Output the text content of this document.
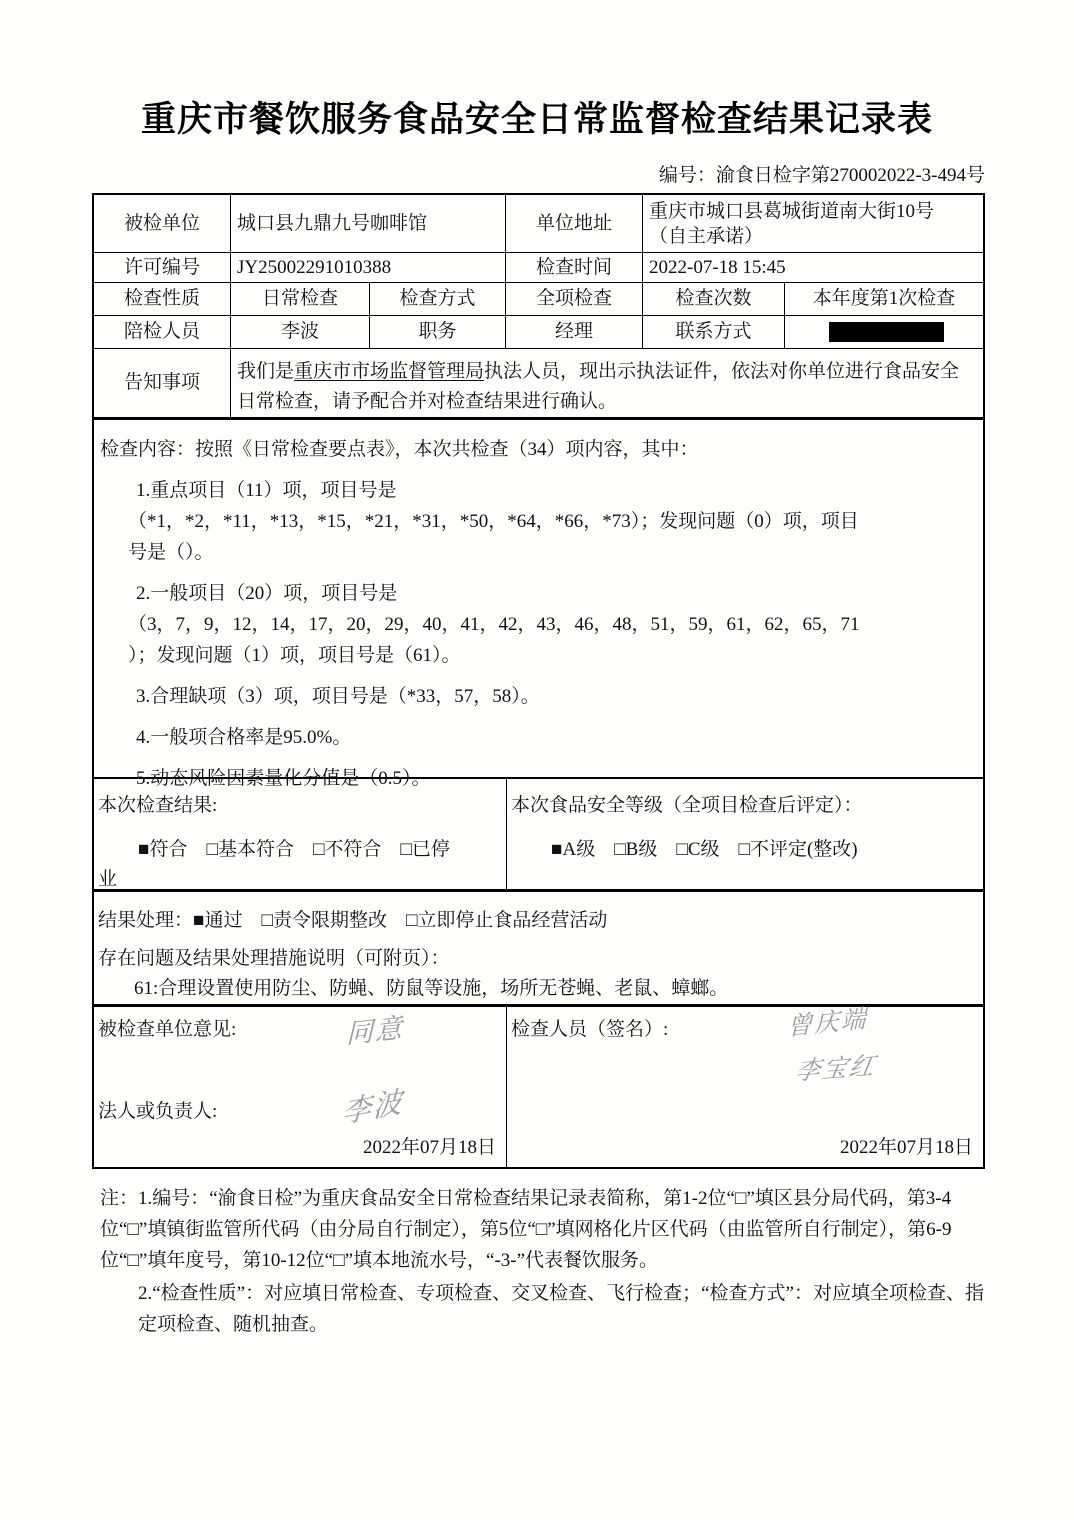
重庆市餐饮服务食品安全日常监督检查结果记录表
编号：渝食日检字第270002022-3-494号
被检单位	城口县九鼎九号咖啡馆	单位地址
重庆市城口县葛城街道南大街10号
（自主承诺）
许可编号	JY25002291010388	检查时间	2022-07-18 15:45
检查性质	日常检查	检查方式	全项检查	检查次数	本年度第1次检查
陪检人员	李波	职务	经理	联系方式
告知事项
我们是重庆市市场监督管理局执法人员，现出示执法证件，依法对你单位进行食品安全日常检查，请予配合并对检查结果进行确认。
检查内容：按照《日常检查要点表》，本次共检查（34）项内容，其中：
1.重点项目（11）项，项目号是
（*1，*2，*11，*13，*15，*21，*31，*50，*64，*66，*73）；发现问题（0）项，项目
号是（）。
2.一般项目（20）项，项目号是
（3，7，9，12，14，17，20，29，40，41，42，43，46，48，51，59，61，62，65，71
）；发现问题（1）项，项目号是（61）。
3.合理缺项（3）项，项目号是（*33，57，58）。
4.一般项合格率是95.0%。
5.动态风险因素量化分值是（0.5）。
本次检查结果:
■符合　□基本符合　□不符合　□已停
业
本次食品安全等级（全项目检查后评定）：
■A级　□B级　□C级　□不评定(整改)
结果处理：■通过　□责令限期整改　□立即停止食品经营活动
存在问题及结果处理措施说明（可附页）：
61:合理设置使用防尘、防蝇、防鼠等设施，场所无苍蝇、老鼠、蟑螂。
被检查单位意见:	同意
法人或负责人:	李波
2022年07月18日
检查人员（签名）:	曾庆端
李宝红
2022年07月18日
注：1.编号：“渝食日检”为重庆食品安全日常检查结果记录表简称，第1-2位“□”填区县分局代码，第3-4位“□”填镇街监管所代码（由分局自行制定），第5位“□”填网格化片区代码（由监管所自行制定），第6-9位“□”填年度号，第10-12位“□”填本地流水号，“-3-”代表餐饮服务。
2.“检查性质”：对应填日常检查、专项检查、交叉检查、飞行检查；“检查方式”：对应填全项检查、指定项检查、随机抽查。
